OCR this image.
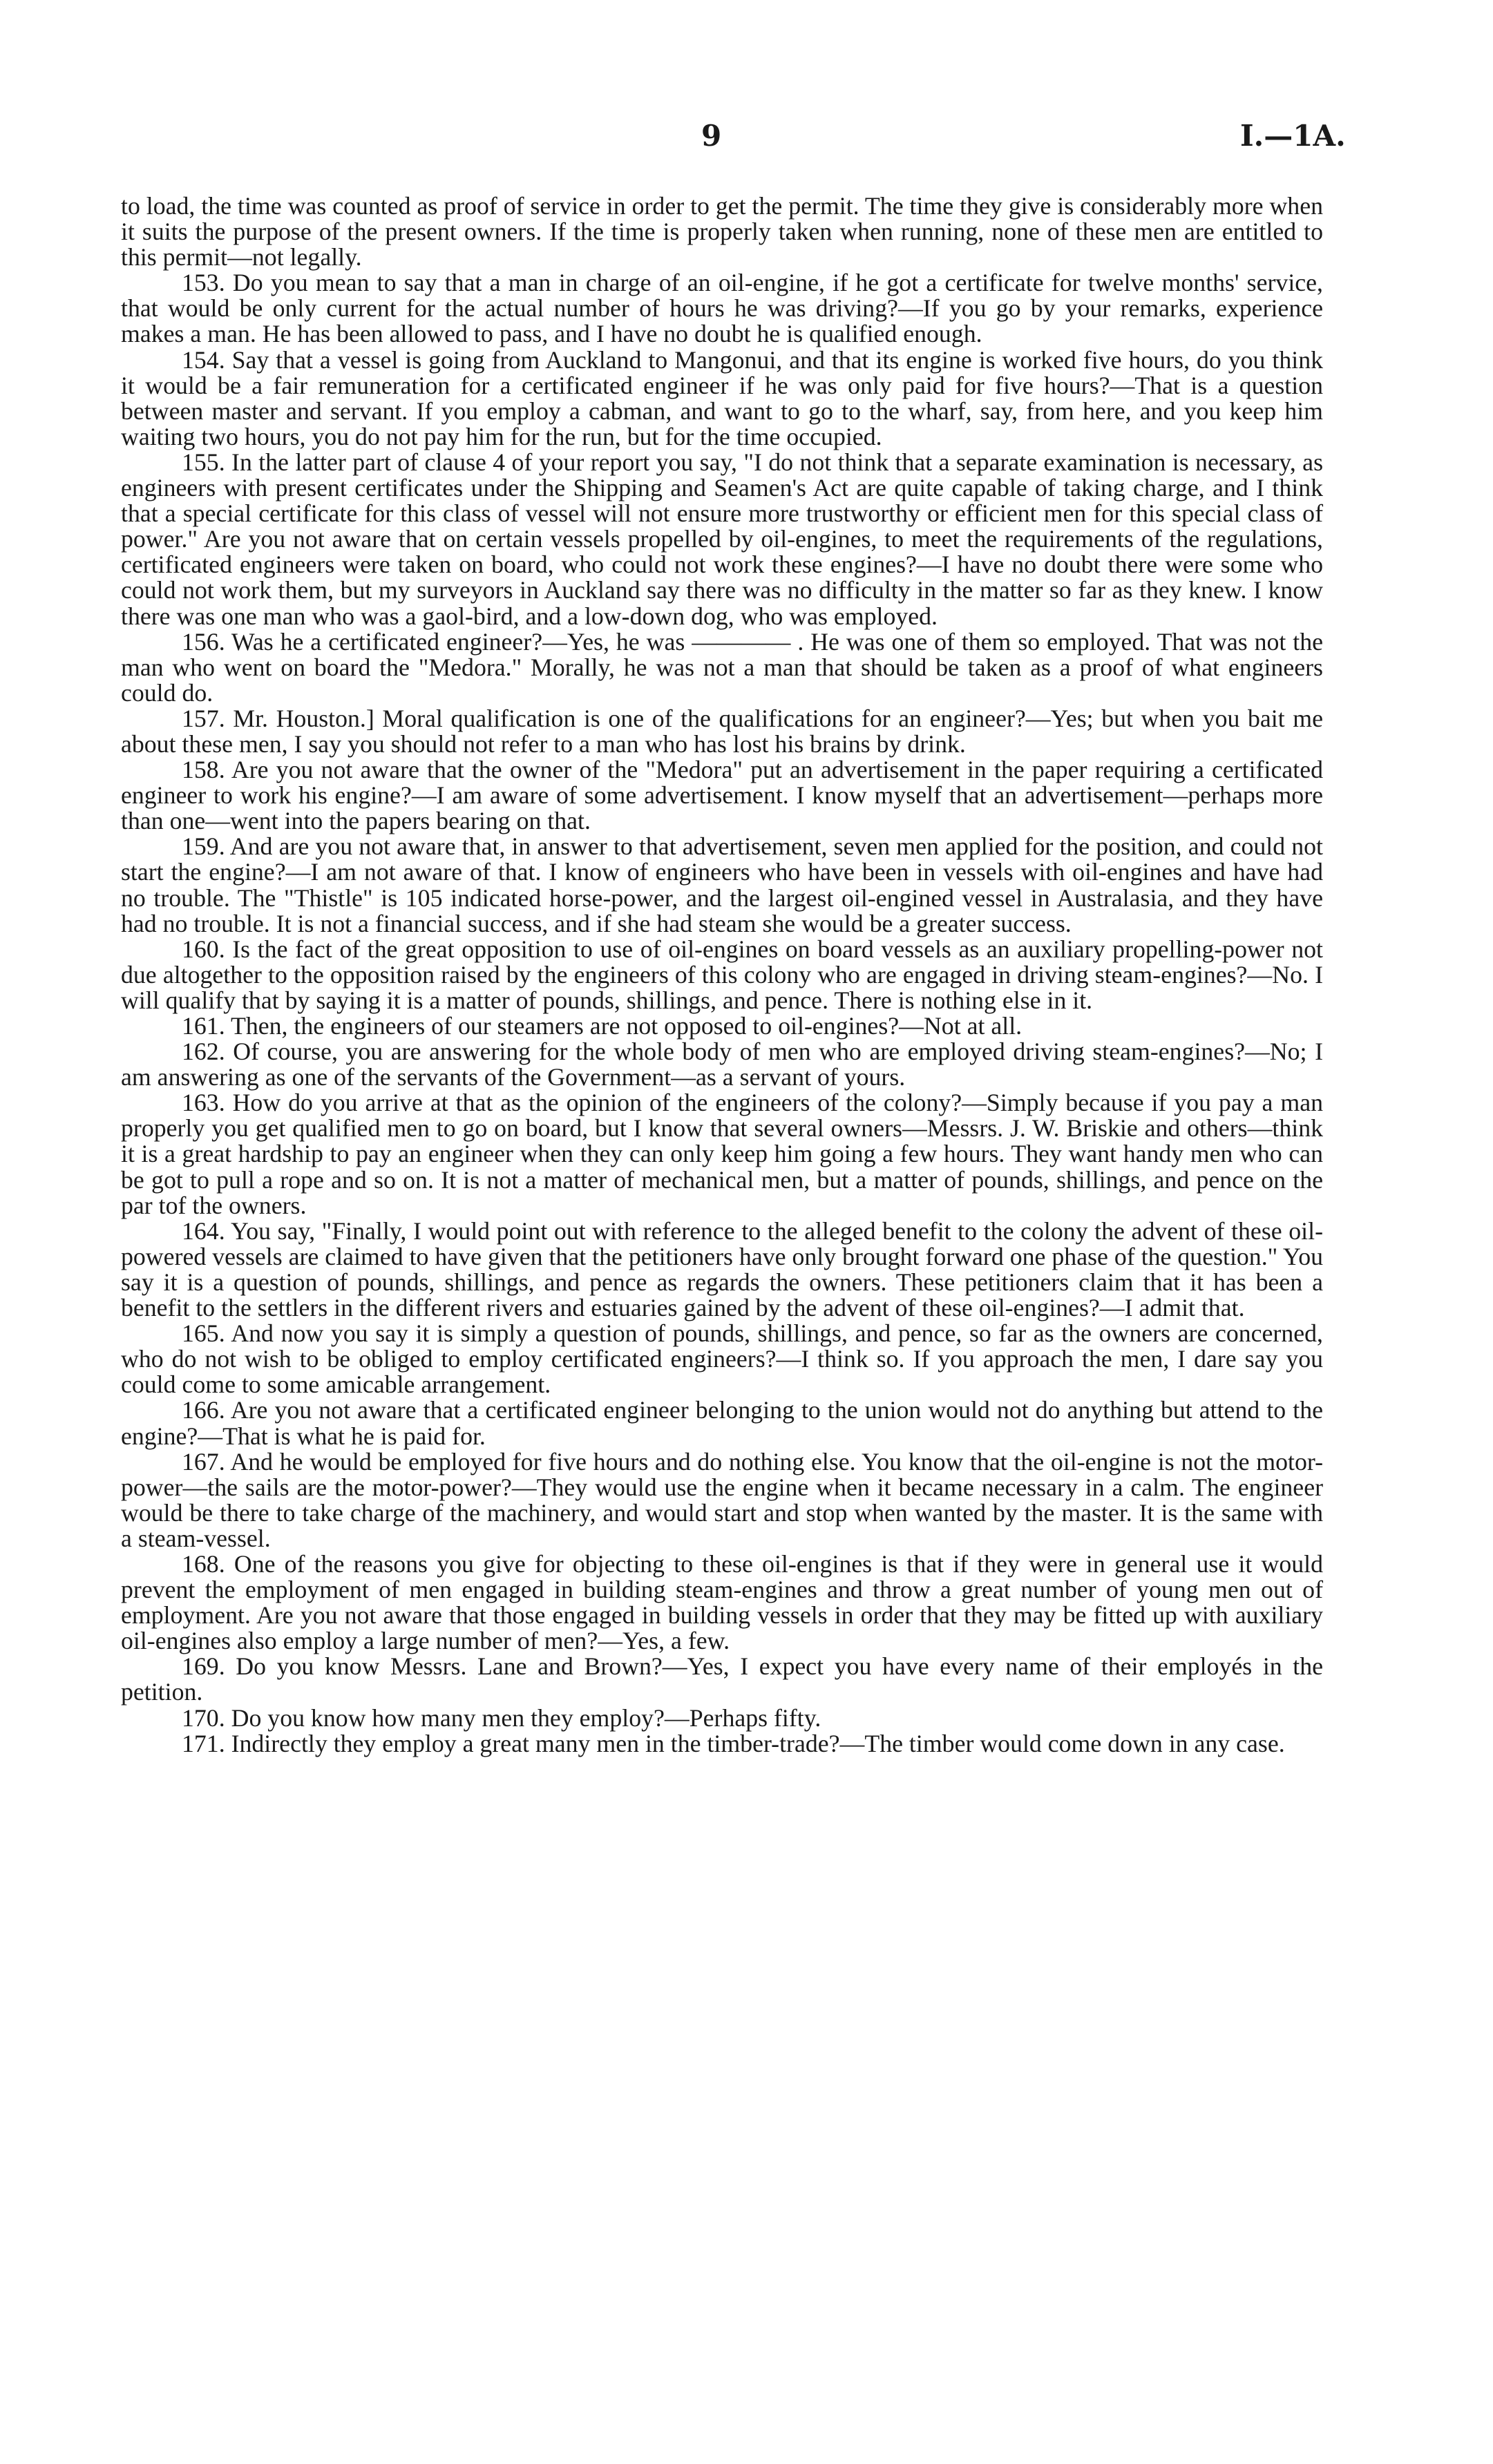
9	I.—1A.

to load, the time was counted as proof of service in order to get the permit. The time they give is considerably more when it suits the purpose of the present owners. If the time is properly taken when running, none of these men are entitled to this permit—not legally.

153. Do you mean to say that a man in charge of an oil-engine, if he got a certificate for twelve months' service, that would be only current for the actual number of hours he was driving?—If you go by your remarks, experience makes a man. He has been allowed to pass, and I have no doubt he is qualified enough.

154. Say that a vessel is going from Auckland to Mangonui, and that its engine is worked five hours, do you think it would be a fair remuneration for a certificated engineer if he was only paid for five hours?—That is a question between master and servant. If you employ a cabman, and want to go to the wharf, say, from here, and you keep him waiting two hours, you do not pay him for the run, but for the time occupied.

155. In the latter part of clause 4 of your report you say, "I do not think that a separate examination is necessary, as engineers with present certificates under the Shipping and Seamen's Act are quite capable of taking charge, and I think that a special certificate for this class of vessel will not ensure more trustworthy or efficient men for this special class of power." Are you not aware that on certain vessels propelled by oil-engines, to meet the requirements of the regulations, certificated engineers were taken on board, who could not work these engines?—I have no doubt there were some who could not work them, but my surveyors in Auckland say there was no difficulty in the matter so far as they knew. I know there was one man who was a gaol-bird, and a low-down dog, who was employed.

156. Was he a certificated engineer?—Yes, he was ———— . He was one of them so employed. That was not the man who went on board the "Medora." Morally, he was not a man that should be taken as a proof of what engineers could do.

157. Mr. Houston.] Moral qualification is one of the qualifications for an engineer?—Yes; but when you bait me about these men, I say you should not refer to a man who has lost his brains by drink.

158. Are you not aware that the owner of the "Medora" put an advertisement in the paper requiring a certificated engineer to work his engine?—I am aware of some advertisement. I know myself that an advertisement—perhaps more than one—went into the papers bearing on that.

159. And are you not aware that, in answer to that advertisement, seven men applied for the position, and could not start the engine?—I am not aware of that. I know of engineers who have been in vessels with oil-engines and have had no trouble. The "Thistle" is 105 indicated horse-power, and the largest oil-engined vessel in Australasia, and they have had no trouble. It is not a financial success, and if she had steam she would be a greater success.

160. Is the fact of the great opposition to use of oil-engines on board vessels as an auxiliary propelling-power not due altogether to the opposition raised by the engineers of this colony who are engaged in driving steam-engines?—No. I will qualify that by saying it is a matter of pounds, shillings, and pence. There is nothing else in it.

161. Then, the engineers of our steamers are not opposed to oil-engines?—Not at all.

162. Of course, you are answering for the whole body of men who are employed driving steam-engines?—No; I am answering as one of the servants of the Government—as a servant of yours.

163. How do you arrive at that as the opinion of the engineers of the colony?—Simply because if you pay a man properly you get qualified men to go on board, but I know that several owners—Messrs. J. W. Briskie and others—think it is a great hardship to pay an engineer when they can only keep him going a few hours. They want handy men who can be got to pull a rope and so on. It is not a matter of mechanical men, but a matter of pounds, shillings, and pence on the par tof the owners.

164. You say, "Finally, I would point out with reference to the alleged benefit to the colony the advent of these oil-powered vessels are claimed to have given that the petitioners have only brought forward one phase of the question." You say it is a question of pounds, shillings, and pence as regards the owners. These petitioners claim that it has been a benefit to the settlers in the different rivers and estuaries gained by the advent of these oil-engines?—I admit that.

165. And now you say it is simply a question of pounds, shillings, and pence, so far as the owners are concerned, who do not wish to be obliged to employ certificated engineers?—I think so. If you approach the men, I dare say you could come to some amicable arrangement.

166. Are you not aware that a certificated engineer belonging to the union would not do anything but attend to the engine?—That is what he is paid for.

167. And he would be employed for five hours and do nothing else. You know that the oil-engine is not the motor-power—the sails are the motor-power?—They would use the engine when it became necessary in a calm. The engineer would be there to take charge of the machinery, and would start and stop when wanted by the master. It is the same with a steam-vessel.

168. One of the reasons you give for objecting to these oil-engines is that if they were in general use it would prevent the employment of men engaged in building steam-engines and throw a great number of young men out of employment. Are you not aware that those engaged in building vessels in order that they may be fitted up with auxiliary oil-engines also employ a large number of men?—Yes, a few.

169. Do you know Messrs. Lane and Brown?—Yes, I expect you have every name of their employés in the petition.

170. Do you know how many men they employ?—Perhaps fifty.

171. Indirectly they employ a great many men in the timber-trade?—The timber would come down in any case.
